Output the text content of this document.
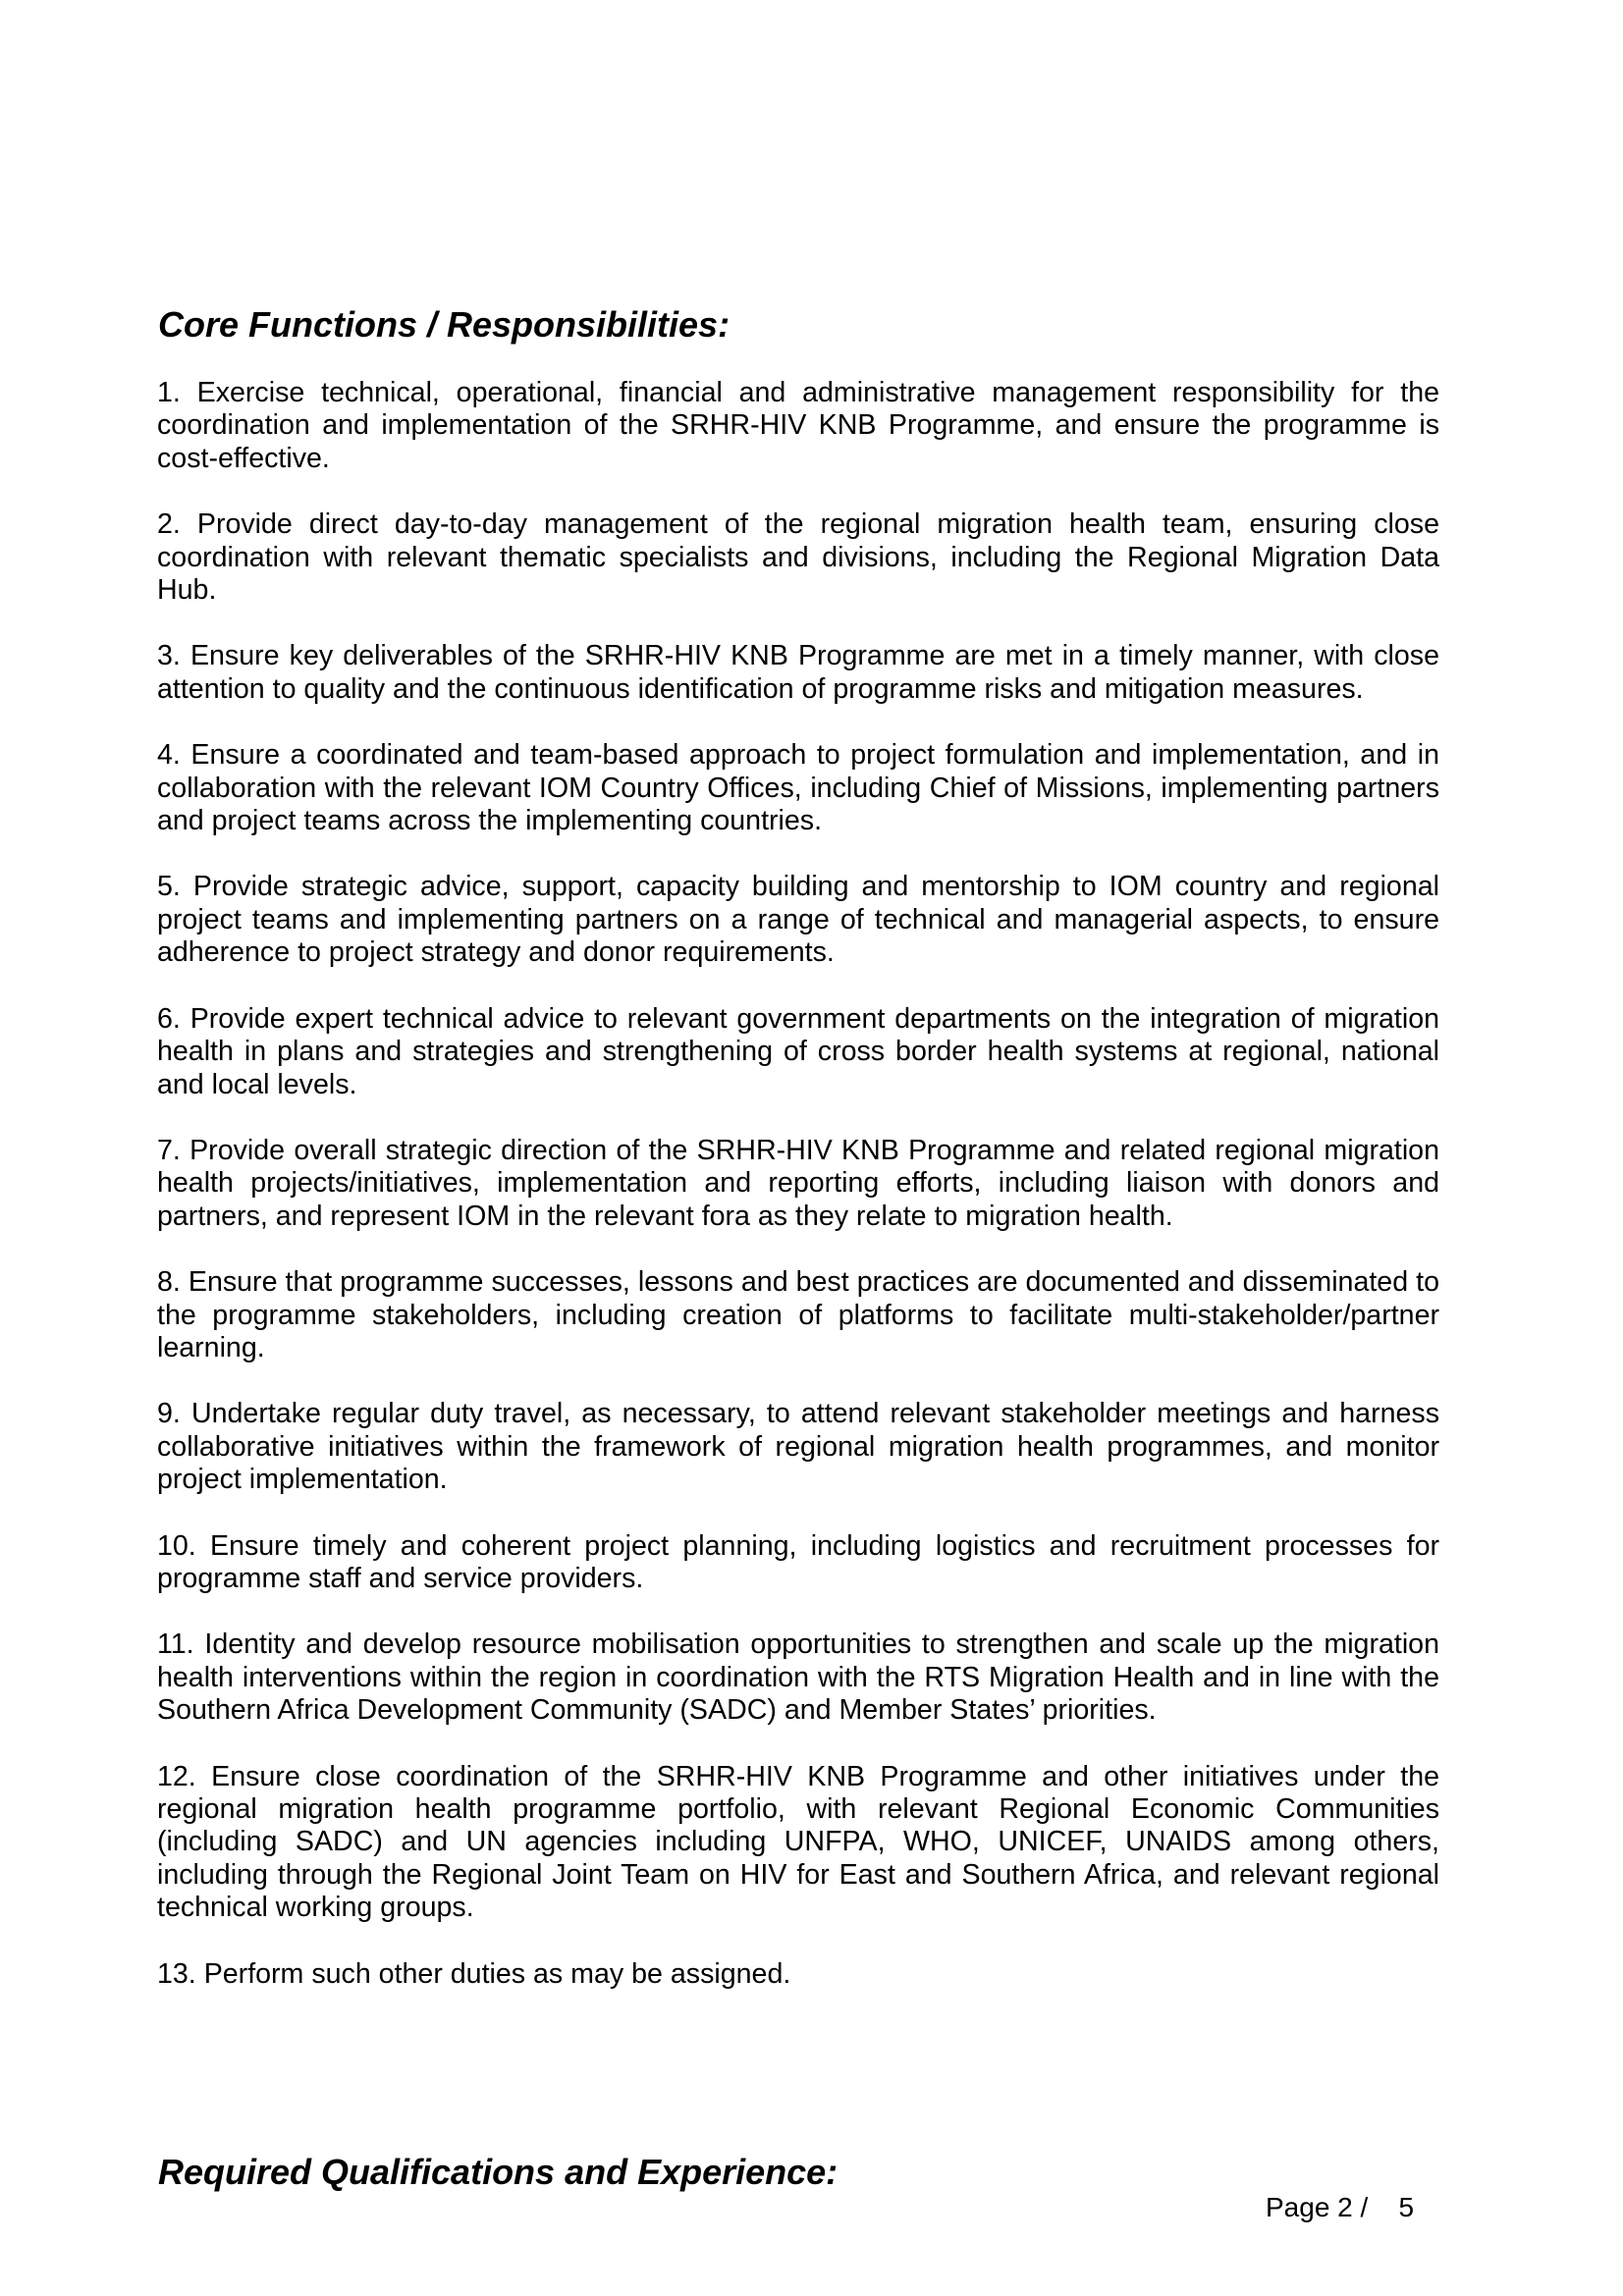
Core Functions / Responsibilities:

1. Exercise technical, operational, financial and administrative management responsibility for the coordination and implementation of the SRHR-HIV KNB Programme, and ensure the programme is cost-effective.

2. Provide direct day-to-day management of the regional migration health team, ensuring close coordination with relevant thematic specialists and divisions, including the Regional Migration Data Hub.

3. Ensure key deliverables of the SRHR-HIV KNB Programme are met in a timely manner, with close attention to quality and the continuous identification of programme risks and mitigation measures.

4. Ensure a coordinated and team-based approach to project formulation and implementation, and in collaboration with the relevant IOM Country Offices, including Chief of Missions, implementing partners and project teams across the implementing countries.

5. Provide strategic advice, support, capacity building and mentorship to IOM country and regional project teams and implementing partners on a range of technical and managerial aspects, to ensure adherence to project strategy and donor requirements.

6. Provide expert technical advice to relevant government departments on the integration of migration health in plans and strategies and strengthening of cross border health systems at regional, national and local levels.

7. Provide overall strategic direction of the SRHR-HIV KNB Programme and related regional migration health projects/initiatives, implementation and reporting efforts, including liaison with donors and partners, and represent IOM in the relevant fora as they relate to migration health.

8. Ensure that programme successes, lessons and best practices are documented and disseminated to the programme stakeholders, including creation of platforms to facilitate multi-stakeholder/partner learning.

9. Undertake regular duty travel, as necessary, to attend relevant stakeholder meetings and harness collaborative initiatives within the framework of regional migration health programmes, and monitor project implementation.

10. Ensure timely and coherent project planning, including logistics and recruitment processes for programme staff and service providers.

11. Identity and develop resource mobilisation opportunities to strengthen and scale up the migration health interventions within the region in coordination with the RTS Migration Health and in line with the Southern Africa Development Community (SADC) and Member States’ priorities.

12. Ensure close coordination of the SRHR-HIV KNB Programme and other initiatives under the regional migration health programme portfolio, with relevant Regional Economic Communities (including SADC) and UN agencies including UNFPA, WHO, UNICEF, UNAIDS among others, including through the Regional Joint Team on HIV for East and Southern Africa, and relevant regional technical working groups.

13. Perform such other duties as may be assigned.

Required Qualifications and Experience:
Page 2 / 5
